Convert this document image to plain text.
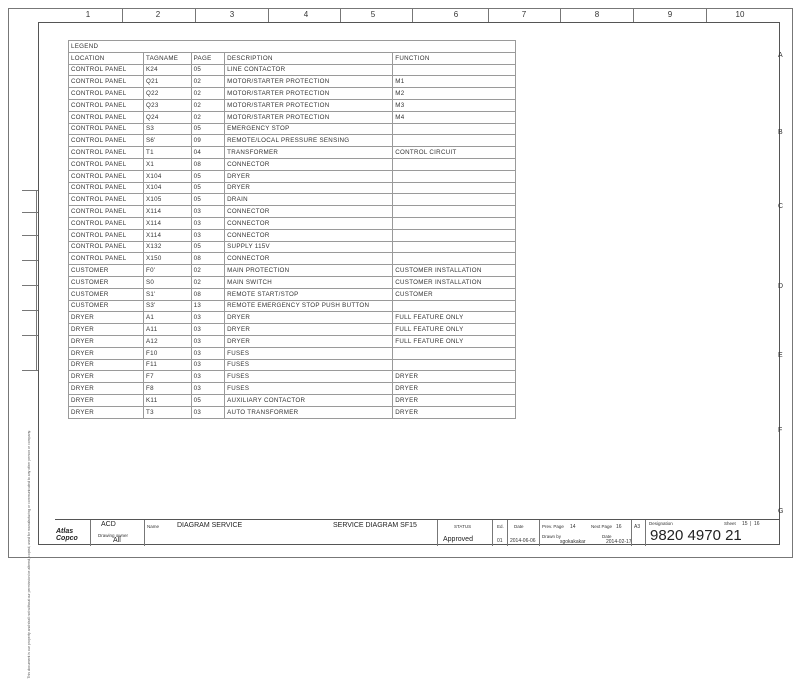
1	2	3	4	5	6	7	8	9	10
A
B
C
D
E
F
G
This document is our property and shall not without our permission be altered, copied, used for manufacturing or communicated to any other person or company.
LEGEND				
LOCATION	TAGNAME	PAGE	DESCRIPTION	FUNCTION
CONTROL PANEL	K24	05	LINE CONTACTOR	
CONTROL PANEL	Q21	02	MOTOR/STARTER PROTECTION	M1
CONTROL PANEL	Q22	02	MOTOR/STARTER PROTECTION	M2
CONTROL PANEL	Q23	02	MOTOR/STARTER PROTECTION	M3
CONTROL PANEL	Q24	02	MOTOR/STARTER PROTECTION	M4
CONTROL PANEL	S3	05	EMERGENCY STOP	
CONTROL PANEL	S6'	09	REMOTE/LOCAL PRESSURE SENSING	
CONTROL PANEL	T1	04	TRANSFORMER	CONTROL CIRCUIT
CONTROL PANEL	X1	08	CONNECTOR	
CONTROL PANEL	X104	05	DRYER	
CONTROL PANEL	X104	05	DRYER	
CONTROL PANEL	X105	05	DRAIN	
CONTROL PANEL	X114	03	CONNECTOR	
CONTROL PANEL	X114	03	CONNECTOR	
CONTROL PANEL	X114	03	CONNECTOR	
CONTROL PANEL	X132	05	SUPPLY 115V	
CONTROL PANEL	X150	08	CONNECTOR	
CUSTOMER	F0'	02	MAIN PROTECTION	CUSTOMER INSTALLATION
CUSTOMER	S0	02	MAIN SWITCH	CUSTOMER INSTALLATION
CUSTOMER	S1'	08	REMOTE START/STOP	CUSTOMER
CUSTOMER	S3'	13	REMOTE EMERGENCY STOP PUSH BUTTON	
DRYER	A1	03	DRYER	FULL FEATURE ONLY
DRYER	A11	03	DRYER	FULL FEATURE ONLY
DRYER	A12	03	DRYER	FULL FEATURE ONLY
DRYER	F10	03	FUSES	
DRYER	F11	03	FUSES	
DRYER	F7	03	FUSES	DRYER
DRYER	F8	03	FUSES	DRYER
DRYER	K11	05	AUXILIARY CONTACTOR	DRYER
DRYER	T3	03	AUTO TRANSFORMER	DRYER
Atlas Copco
ACD
Drawing owner
All
Name	DIAGRAM SERVICE	SERVICE DIAGRAM SF15	STATUS
Approved
Ed.
01
Date
2014-06-06
Prev. Page 14	Next Page 16
Drawn by
sgokakakar
Date
2014-02-17
A3
Designation
9820 4970 21
Sheet 15 | 16
